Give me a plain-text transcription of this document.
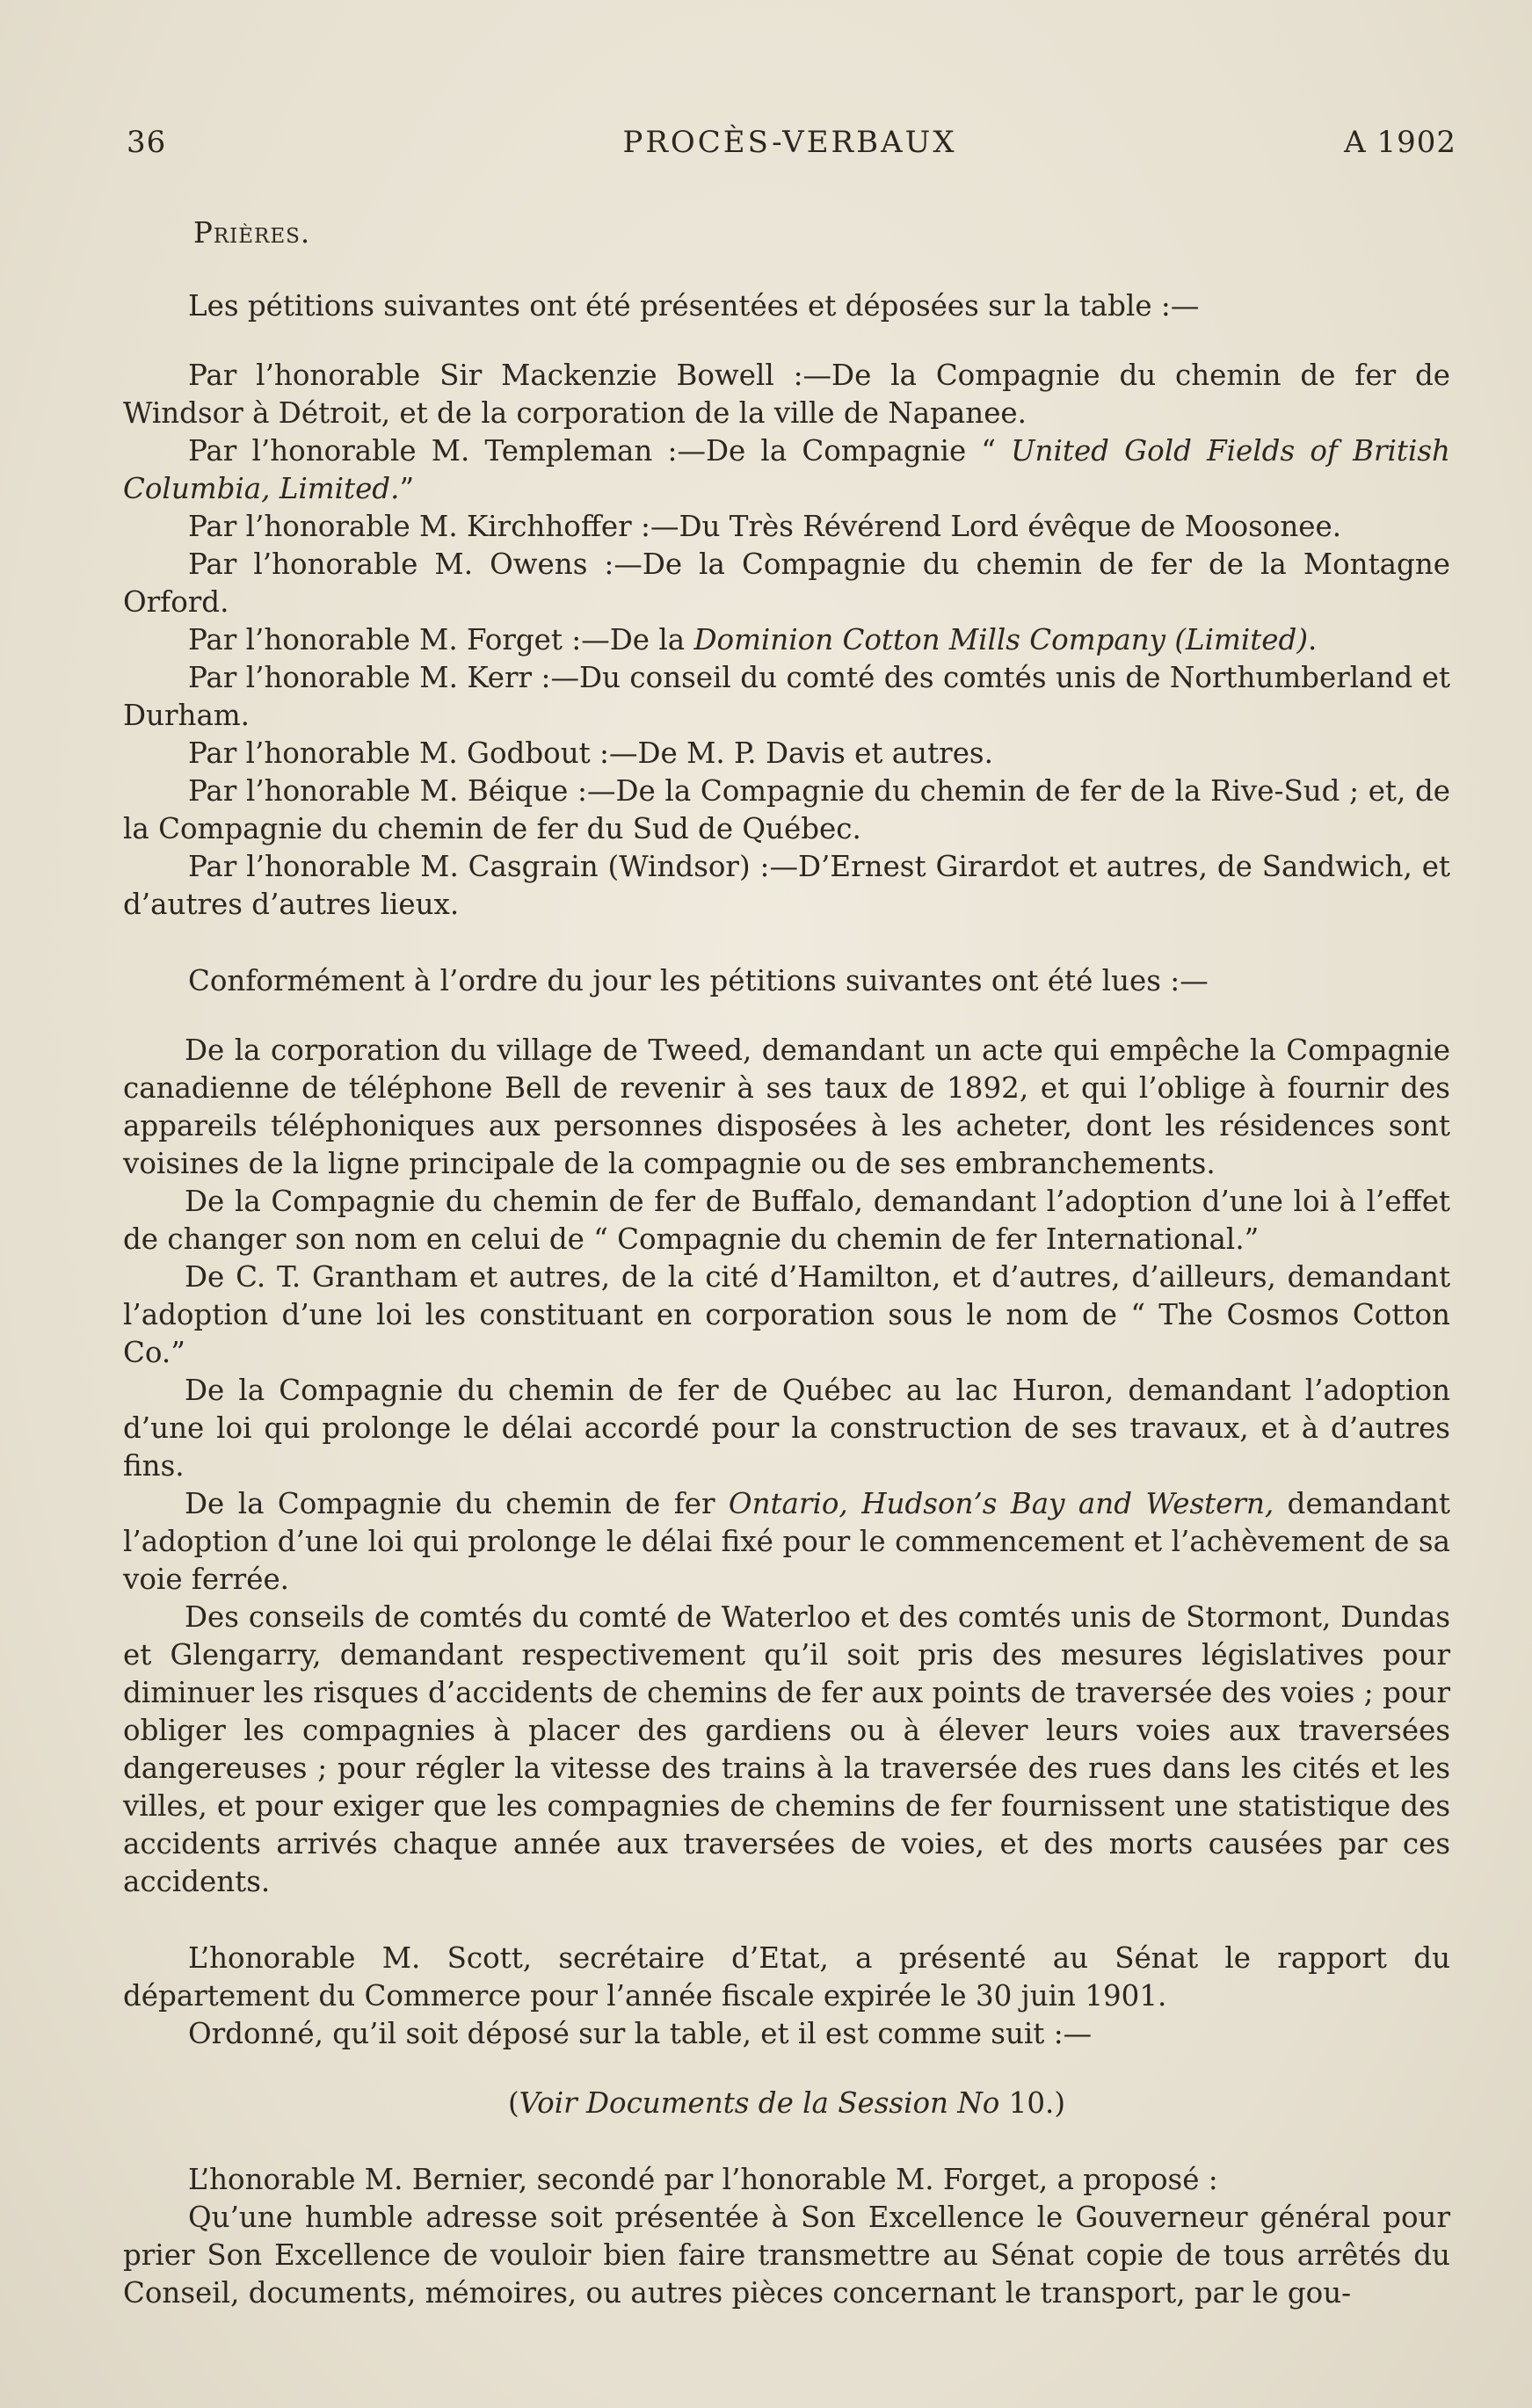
36	PROCÈS-VERBAUX	A 1902

Prières.

Les pétitions suivantes ont été présentées et déposées sur la table :—

Par l’honorable Sir Mackenzie Bowell :—De la Compagnie du chemin de fer de Windsor à Détroit, et de la corporation de la ville de Napanee.

Par l’honorable M. Templeman :—De la Compagnie “ United Gold Fields of British Columbia, Limited.”

Par l’honorable M. Kirchhoffer :—Du Très Révérend Lord évêque de Moosonee.

Par l’honorable M. Owens :—De la Compagnie du chemin de fer de la Montagne Orford.

Par l’honorable M. Forget :—De la Dominion Cotton Mills Company (Limited).

Par l’honorable M. Kerr :—Du conseil du comté des comtés unis de Northumberland et Durham.

Par l’honorable M. Godbout :—De M. P. Davis et autres.

Par l’honorable M. Béique :—De la Compagnie du chemin de fer de la Rive-Sud ; et, de la Compagnie du chemin de fer du Sud de Québec.

Par l’honorable M. Casgrain (Windsor) :—D’Ernest Girardot et autres, de Sandwich, et d’autres d’autres lieux.

Conformément à l’ordre du jour les pétitions suivantes ont été lues :—

De la corporation du village de Tweed, demandant un acte qui empêche la Compagnie canadienne de téléphone Bell de revenir à ses taux de 1892, et qui l’oblige à fournir des appareils téléphoniques aux personnes disposées à les acheter, dont les résidences sont voisines de la ligne principale de la compagnie ou de ses embranchements.

De la Compagnie du chemin de fer de Buffalo, demandant l’adoption d’une loi à l’effet de changer son nom en celui de “ Compagnie du chemin de fer International.”

De C. T. Grantham et autres, de la cité d’Hamilton, et d’autres, d’ailleurs, demandant l’adoption d’une loi les constituant en corporation sous le nom de “ The Cosmos Cotton Co.”

De la Compagnie du chemin de fer de Québec au lac Huron, demandant l’adoption d’une loi qui prolonge le délai accordé pour la construction de ses travaux, et à d’autres fins.

De la Compagnie du chemin de fer Ontario, Hudson’s Bay and Western, demandant l’adoption d’une loi qui prolonge le délai fixé pour le commencement et l’achèvement de sa voie ferrée.

Des conseils de comtés du comté de Waterloo et des comtés unis de Stormont, Dundas et Glengarry, demandant respectivement qu’il soit pris des mesures législatives pour diminuer les risques d’accidents de chemins de fer aux points de traversée des voies ; pour obliger les compagnies à placer des gardiens ou à élever leurs voies aux traversées dangereuses ; pour régler la vitesse des trains à la traversée des rues dans les cités et les villes, et pour exiger que les compagnies de chemins de fer fournissent une statistique des accidents arrivés chaque année aux traversées de voies, et des morts causées par ces accidents.

L’honorable M. Scott, secrétaire d’Etat, a présenté au Sénat le rapport du département du Commerce pour l’année fiscale expirée le 30 juin 1901.

Ordonné, qu’il soit déposé sur la table, et il est comme suit :—

(Voir Documents de la Session No 10.)

L’honorable M. Bernier, secondé par l’honorable M. Forget, a proposé :

Qu’une humble adresse soit présentée à Son Excellence le Gouverneur général pour prier Son Excellence de vouloir bien faire transmettre au Sénat copie de tous arrêtés du Conseil, documents, mémoires, ou autres pièces concernant le transport, par le gou-
